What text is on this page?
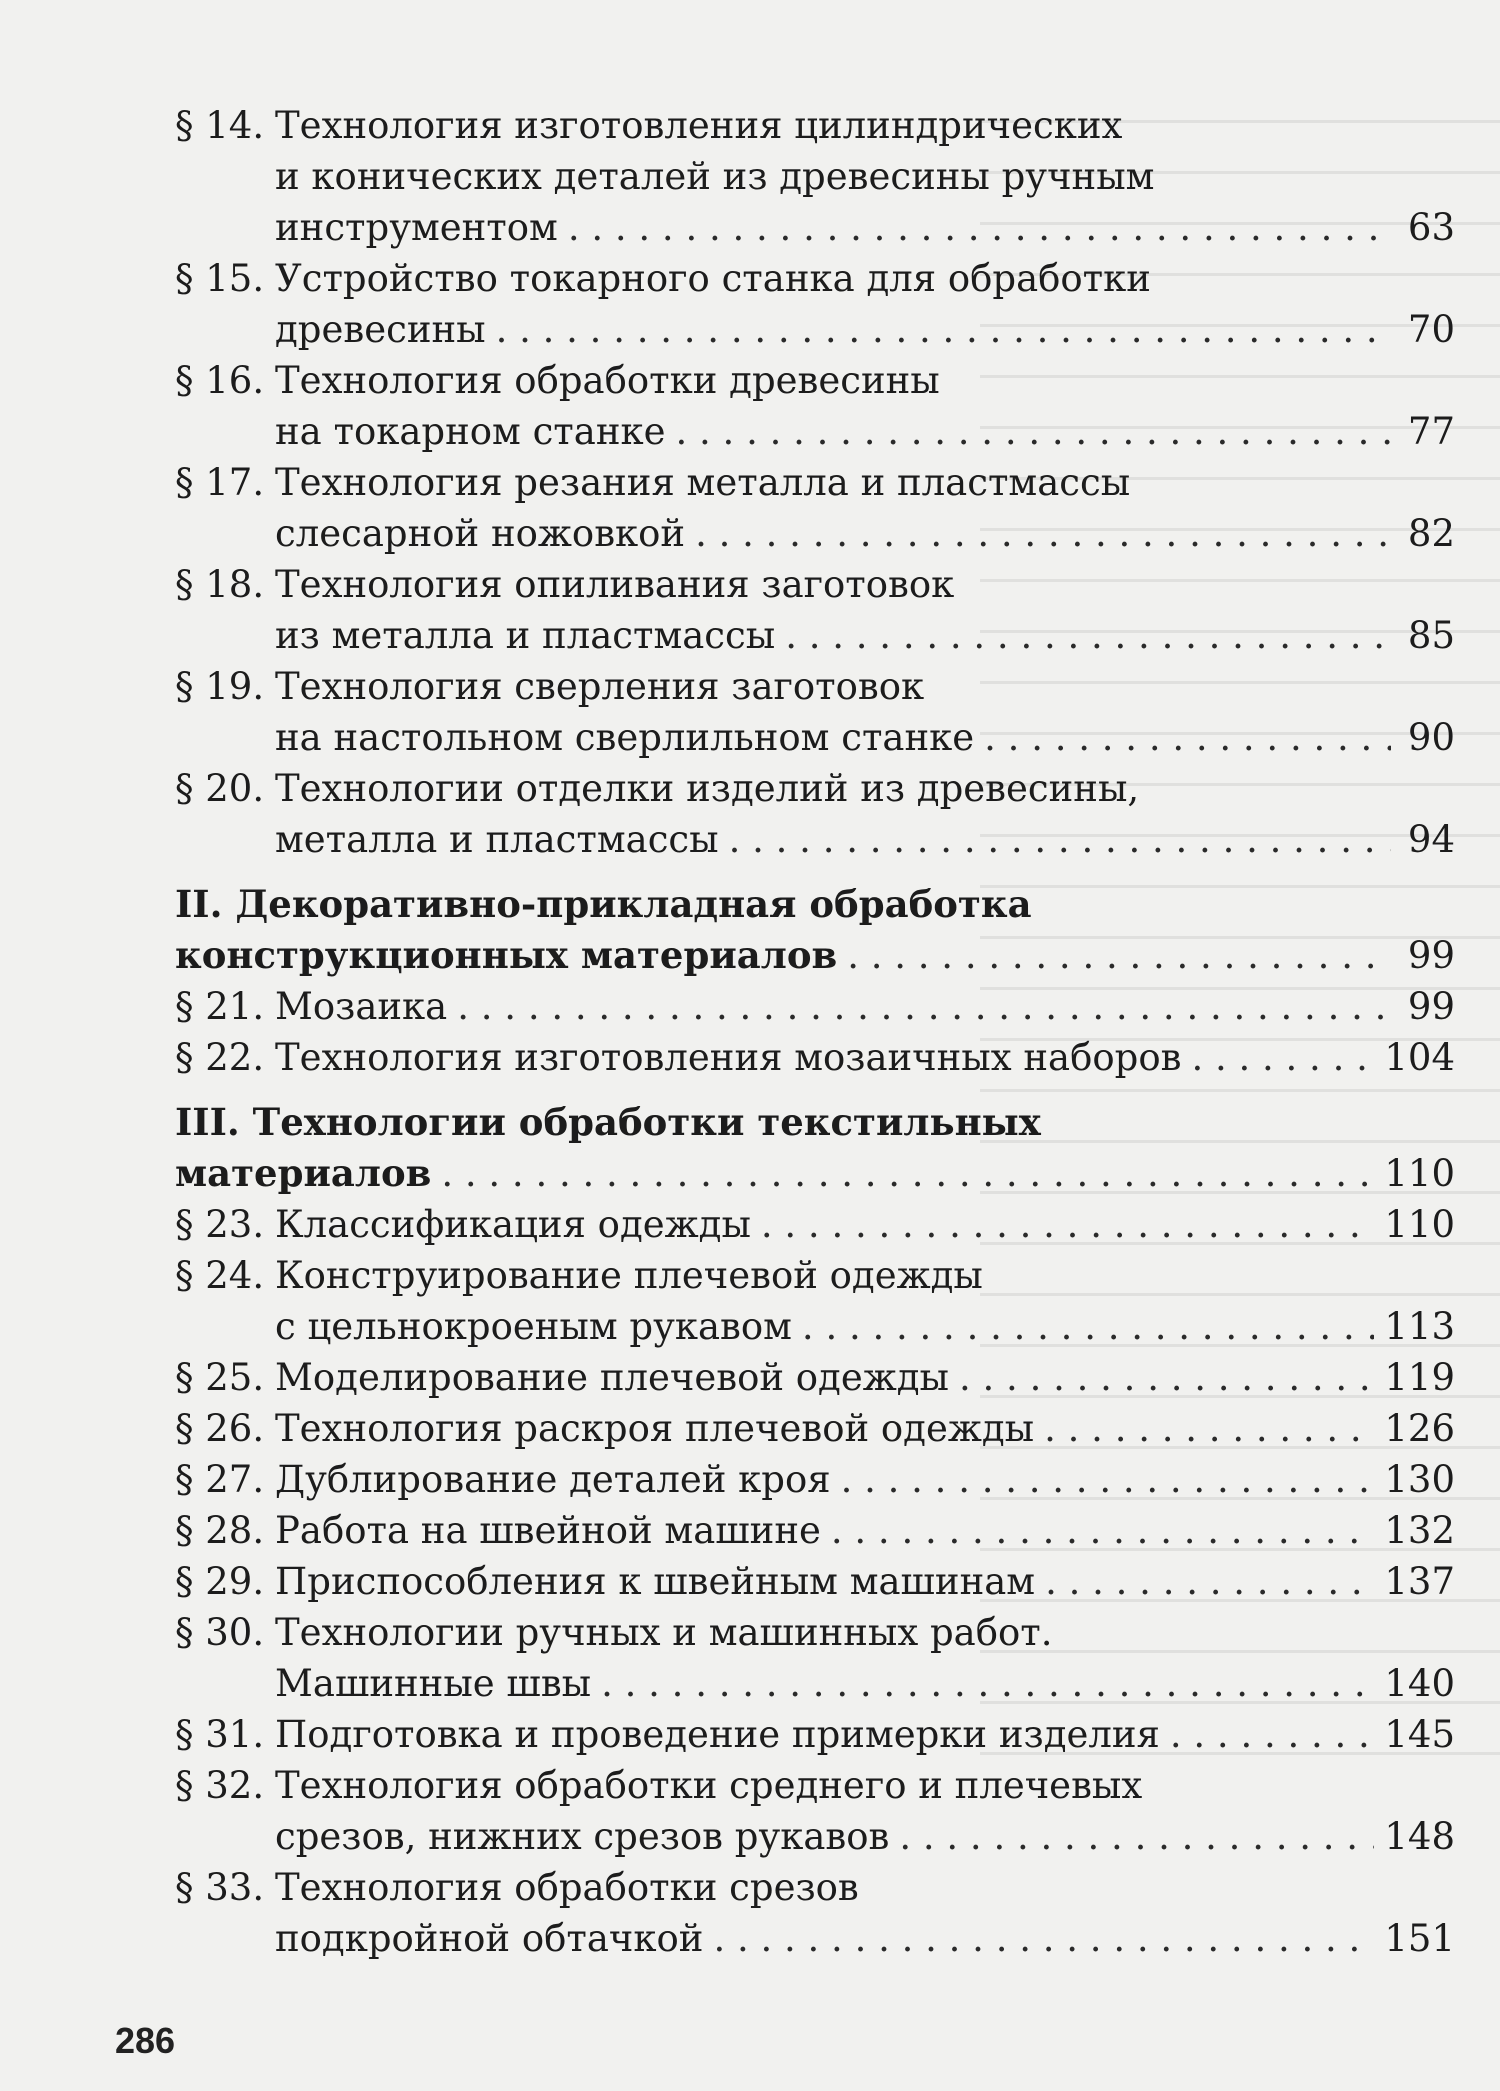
§ 14. Технология изготовления цилиндрических
и конических деталей из древесины ручным
инструментом . . .	63
§ 15. Устройство токарного станка для обработки
древесины . . .	70
§ 16. Технология обработки древесины
на токарном станке . . .	77
§ 17. Технология резания металла и пластмассы
слесарной ножовкой . . .	82
§ 18. Технология опиливания заготовок
из металла и пластмассы . . .	85
§ 19. Технология сверления заготовок
на настольном сверлильном станке . . .	90
§ 20. Технологии отделки изделий из древесины,
металла и пластмассы . . .	94
II. Декоративно-прикладная обработка
конструкционных материалов . . .	99
§ 21. Мозаика . . .	99
§ 22. Технология изготовления мозаичных наборов . . .	104
III. Технологии обработки текстильных
материалов . . .	110
§ 23. Классификация одежды . . .	110
§ 24. Конструирование плечевой одежды
с цельнокроеным рукавом . . .	113
§ 25. Моделирование плечевой одежды . . .	119
§ 26. Технология раскроя плечевой одежды . . .	126
§ 27. Дублирование деталей кроя . . .	130
§ 28. Работа на швейной машине . . .	132
§ 29. Приспособления к швейным машинам . . .	137
§ 30. Технологии ручных и машинных работ.
Машинные швы . . .	140
§ 31. Подготовка и проведение примерки изделия . . .	145
§ 32. Технология обработки среднего и плечевых
срезов, нижних срезов рукавов . . .	148
§ 33. Технология обработки срезов
подкройной обтачкой . . .	151
286
